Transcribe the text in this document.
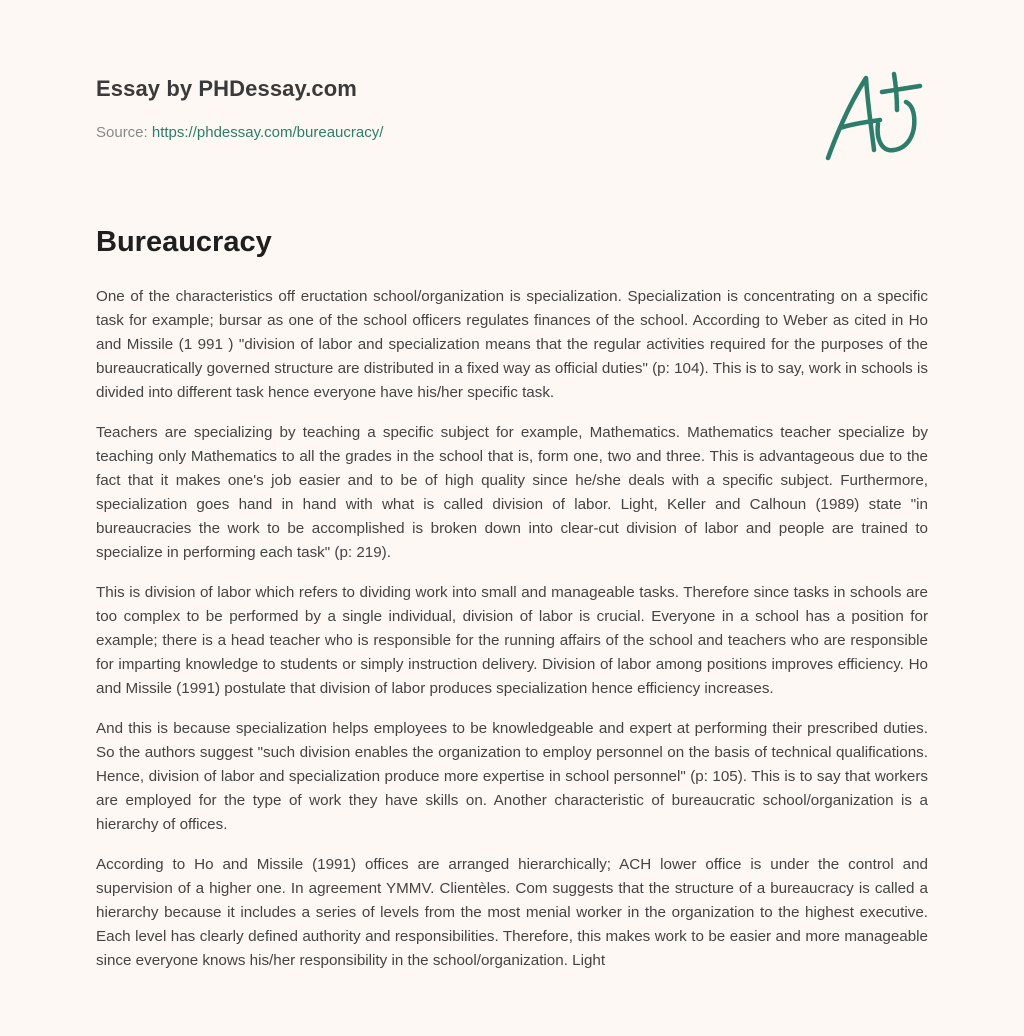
Essay by PHDessay.com
Source: https://phdessay.com/bureaucracy/
Bureaucracy

One of the characteristics off eructation school/organization is specialization. Specialization is concentrating on a specific task for example; bursar as one of the school officers regulates finances of the school. According to Weber as cited in Ho and Missile (1 991 ) "division of labor and specialization means that the regular activities required for the purposes of the bureaucratically governed structure are distributed in a fixed way as official duties" (p: 104). This is to say, work in schools is divided into different task hence everyone have his/her specific task.

Teachers are specializing by teaching a specific subject for example, Mathematics. Mathematics teacher specialize by teaching only Mathematics to all the grades in the school that is, form one, two and three. This is advantageous due to the fact that it makes one's job easier and to be of high quality since he/she deals with a specific subject. Furthermore, specialization goes hand in hand with what is called division of labor. Light, Keller and Calhoun (1989) state "in bureaucracies the work to be accomplished is broken down into clear-cut division of labor and people are trained to specialize in performing each task" (p: 219).

This is division of labor which refers to dividing work into small and manageable tasks. Therefore since tasks in schools are too complex to be performed by a single individual, division of labor is crucial. Everyone in a school has a position for example; there is a head teacher who is responsible for the running affairs of the school and teachers who are responsible for imparting knowledge to students or simply instruction delivery. Division of labor among positions improves efficiency. Ho and Missile (1991) postulate that division of labor produces specialization hence efficiency increases.

And this is because specialization helps employees to be knowledgeable and expert at performing their prescribed duties. So the authors suggest "such division enables the organization to employ personnel on the basis of technical qualifications. Hence, division of labor and specialization produce more expertise in school personnel" (p: 105). This is to say that workers are employed for the type of work they have skills on. Another characteristic of bureaucratic school/organization is a hierarchy of offices.

According to Ho and Missile (1991) offices are arranged hierarchically; ACH lower office is under the control and supervision of a higher one. In agreement YMMV. Clientèles. Com suggests that the structure of a bureaucracy is called a hierarchy because it includes a series of levels from the most menial worker in the organization to the highest executive. Each level has clearly defined authority and responsibilities. Therefore, this makes work to be easier and more manageable since everyone knows his/her responsibility in the school/organization. Light
